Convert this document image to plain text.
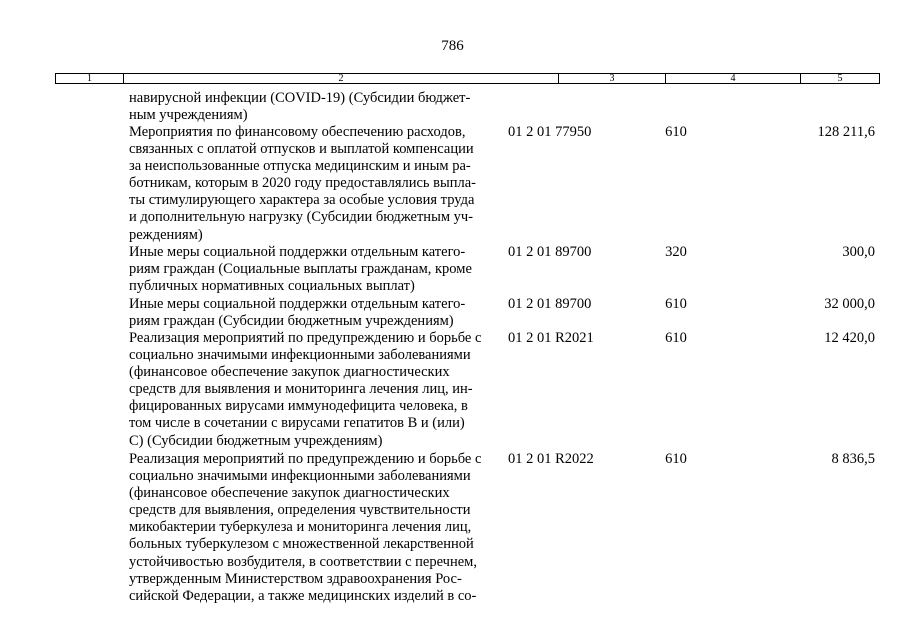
786
1	2	3	4	5
навирусной инфекции (COVID-19) (Субсидии бюджет-
ным учреждениям)
Мероприятия по финансовому обеспечению расходов,
связанных с оплатой отпусков и выплатой компенсации
за неиспользованные отпуска медицинским и иным ра-
ботникам, которым в 2020 году предоставлялись выпла-
ты стимулирующего характера за особые условия труда
и дополнительную нагрузку (Субсидии бюджетным уч-
реждениям)
01 2 01 77950	610	128 211,6
Иные меры социальной поддержки отдельным катего-
риям граждан (Социальные выплаты гражданам, кроме
публичных нормативных социальных выплат)
01 2 01 89700	320	300,0
Иные меры социальной поддержки отдельным катего-
риям граждан (Субсидии бюджетным учреждениям)
01 2 01 89700	610	32 000,0
Реализация мероприятий по предупреждению и борьбе с
социально значимыми инфекционными заболеваниями
(финансовое обеспечение закупок диагностических
средств для выявления и мониторинга лечения лиц, ин-
фицированных вирусами иммунодефицита человека, в
том числе в сочетании с вирусами гепатитов В и (или)
С) (Субсидии бюджетным учреждениям)
01 2 01 R2021	610	12 420,0
Реализация мероприятий по предупреждению и борьбе с
социально значимыми инфекционными заболеваниями
(финансовое обеспечение закупок диагностических
средств для выявления, определения чувствительности
микобактерии туберкулеза и мониторинга лечения лиц,
больных туберкулезом с множественной лекарственной
устойчивостью возбудителя, в соответствии с перечнем,
утвержденным Министерством здравоохранения Рос-
сийской Федерации, а также медицинских изделий в со-
01 2 01 R2022	610	8 836,5
